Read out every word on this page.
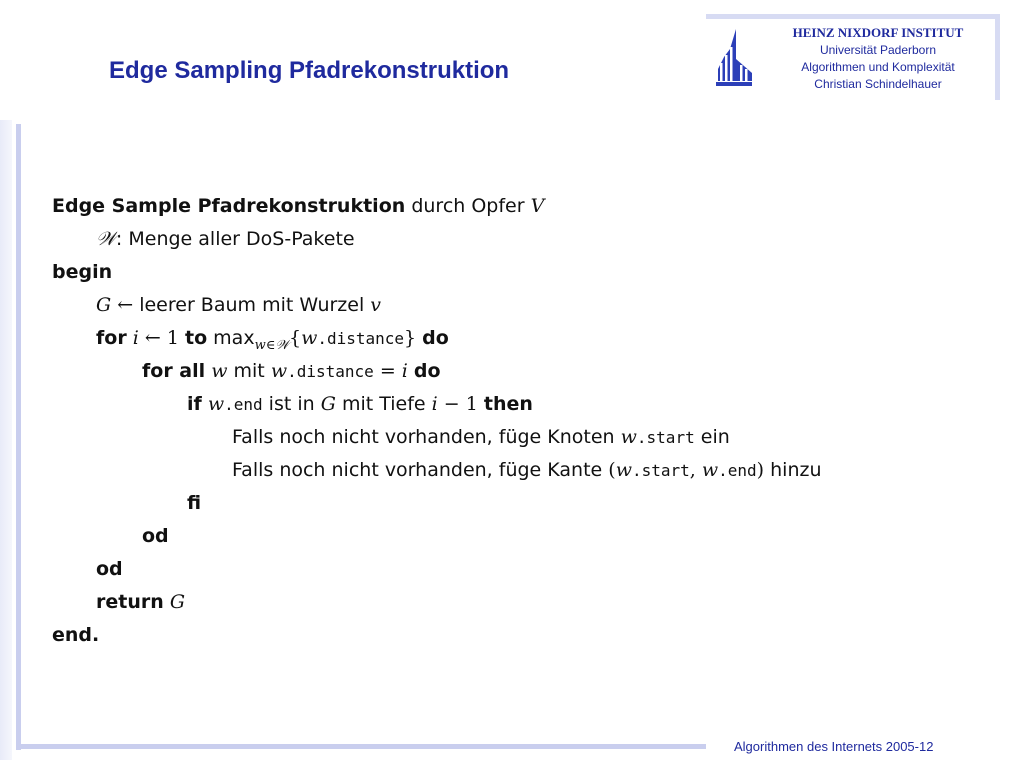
Edge Sampling Pfadrekonstruktion
HEINZ NIXDORF INSTITUT
Universität Paderborn
Algorithmen und Komplexität
Christian Schindelhauer
Edge Sample Pfadrekonstruktion durch Opfer V
𝒲: Menge aller DoS-Pakete
begin
G ← leerer Baum mit Wurzel v
for i ← 1 to $\max_{w\in 𝒲}\{w.distance\}$ do
for all w mit w.distance = i do
if w.end ist in G mit Tiefe i − 1 then
Falls noch nicht vorhanden, füge Knoten w.start ein
Falls noch nicht vorhanden, füge Kante (w.start, w.end) hinzu
fi
od
od
return G
end.
Algorithmen des Internets 2005-12
